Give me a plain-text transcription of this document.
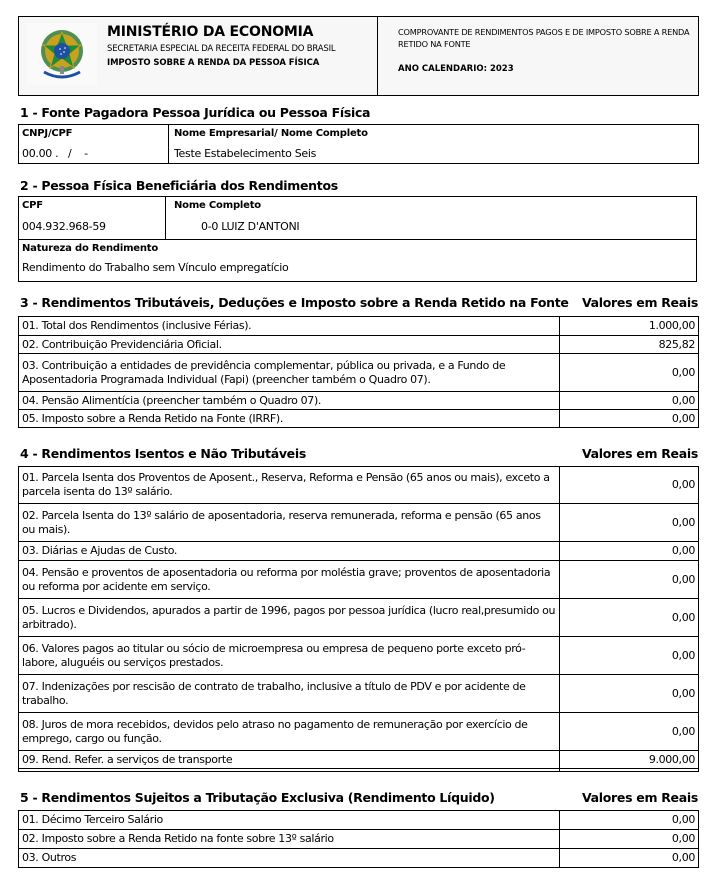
MINISTÉRIO DA ECONOMIA
SECRETARIA ESPECIAL DA RECEITA FEDERAL DO BRASIL
IMPOSTO SOBRE A RENDA DA PESSOA FÍSICA
COMPROVANTE DE RENDIMENTOS PAGOS E DE IMPOSTO SOBRE A RENDA RETIDO NA FONTE
ANO CALENDARIO: 2023
1 - Fonte Pagadora Pessoa Jurídica ou Pessoa Física
CNPJ/CPF
00.00 .   /    -
Nome Empresarial/ Nome Completo
Teste Estabelecimento Seis
2 - Pessoa Física Beneficiária dos Rendimentos
CPF
004.932.968-59
Nome Completo
0-0 LUIZ D'ANTONI
Natureza do Rendimento
Rendimento do Trabalho sem Vínculo empregatício
3 - Rendimentos Tributáveis, Deduções e Imposto sobre a Renda Retido na Fonte Valores em Reais
01. Total dos Rendimentos (inclusive Férias).	1.000,00
02. Contribuição Previdenciária Oficial.	825,82
03. Contribuição a entidades de previdência complementar, pública ou privada, e a Fundo de Aposentadoria Programada Individual (Fapi) (preencher também o Quadro 07).	0,00
04. Pensão Alimentícia (preencher também o Quadro 07).	0,00
05. Imposto sobre a Renda Retido na Fonte (IRRF).	0,00
4 - Rendimentos Isentos e Não Tributáveis	Valores em Reais
01. Parcela Isenta dos Proventos de Aposent., Reserva, Reforma e Pensão (65 anos ou mais), exceto a parcela isenta do 13º salário.	0,00
02. Parcela Isenta do 13º salário de aposentadoria, reserva remunerada, reforma e pensão (65 anos ou mais).	0,00
03. Diárias e Ajudas de Custo.	0,00
04. Pensão e proventos de aposentadoria ou reforma por moléstia grave; proventos de aposentadoria ou reforma por acidente em serviço.	0,00
05. Lucros e Dividendos, apurados a partir de 1996, pagos por pessoa jurídica (lucro real,presumido ou arbitrado).	0,00
06. Valores pagos ao titular ou sócio de microempresa ou empresa de pequeno porte exceto pró-labore, aluguéis ou serviços prestados.	0,00
07. Indenizações por rescisão de contrato de trabalho, inclusive a título de PDV e por acidente de trabalho.	0,00
08. Juros de mora recebidos, devidos pelo atraso no pagamento de remuneração por exercício de emprego, cargo ou função.	0,00
09. Rend. Refer. a serviços de transporte	9.000,00

5 - Rendimentos Sujeitos a Tributação Exclusiva (Rendimento Líquido)	Valores em Reais
01. Décimo Terceiro Salário	0,00
02. Imposto sobre a Renda Retido na fonte sobre 13º salário	0,00
03. Outros	0,00
